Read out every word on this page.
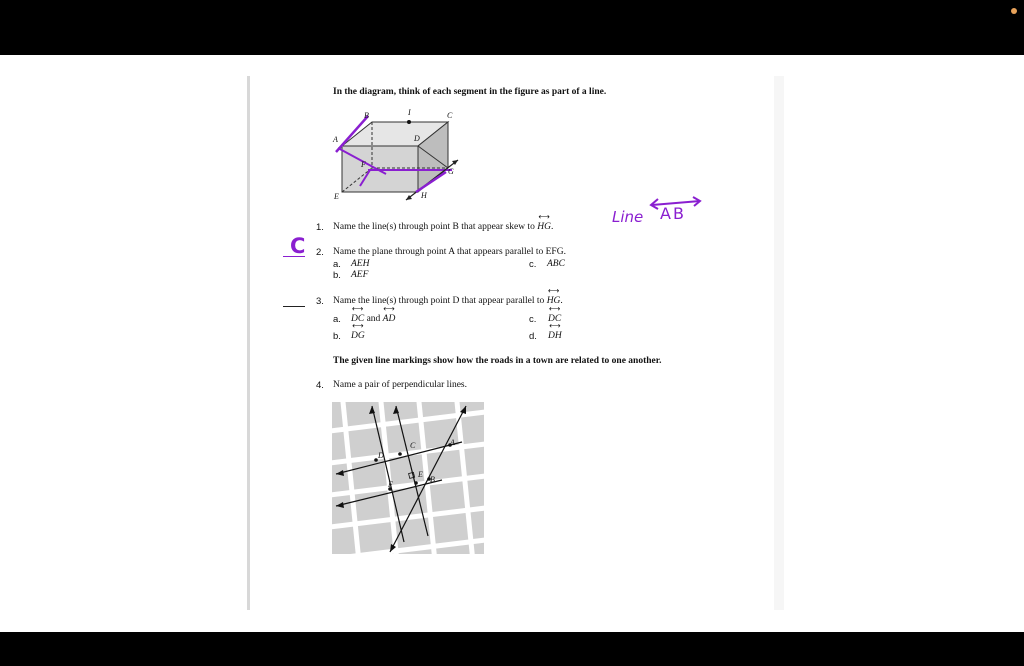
In the diagram, think of each segment in the figure as part of a line.
B	I	C
A	D
F
G
E	H
1. Name the line(s) through point B that appear skew to ⟷ HG.
Line AB
C 2. Name the plane through point A that appears parallel to EFG.
a. AEH
b. AEF
c. ABC
3. Name the line(s) through point D that appear parallel to ⟷ HG.
a. ⟷ DC and ⟷ AD
b. ⟷ DG
c. ⟷ DC
d. ⟷ DH
The given line markings show how the roads in a town are related to one another.
4. Name a pair of perpendicular lines.
A
C
D
E
F
B
